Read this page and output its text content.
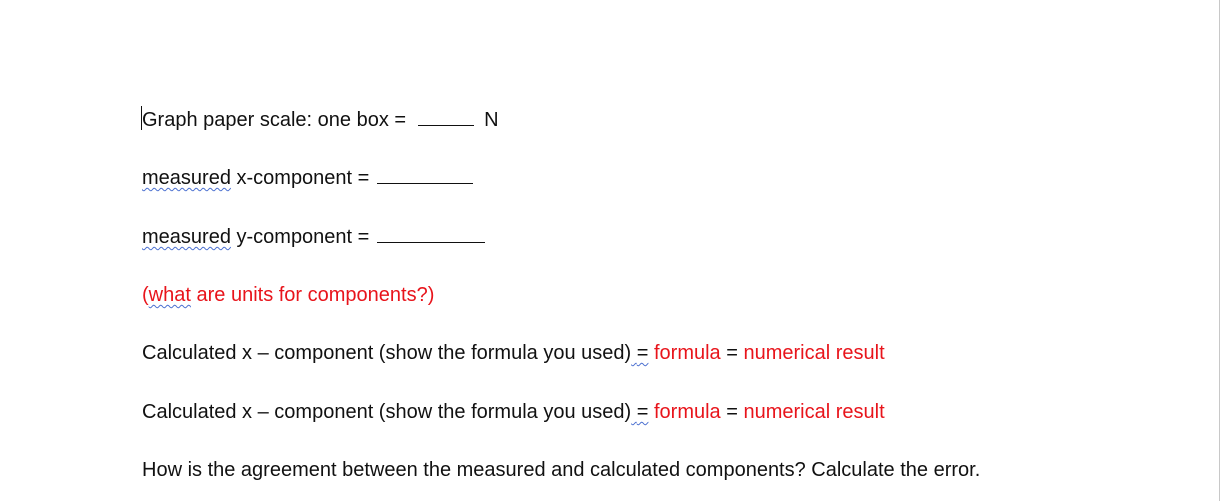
Graph paper scale: one box =	N
measured x-component =
measured y-component =
(what are units for components?)
Calculated x – component (show the formula you used) = formula = numerical result
Calculated x – component (show the formula you used) = formula = numerical result
How is the agreement between the measured and calculated components? Calculate the error.
